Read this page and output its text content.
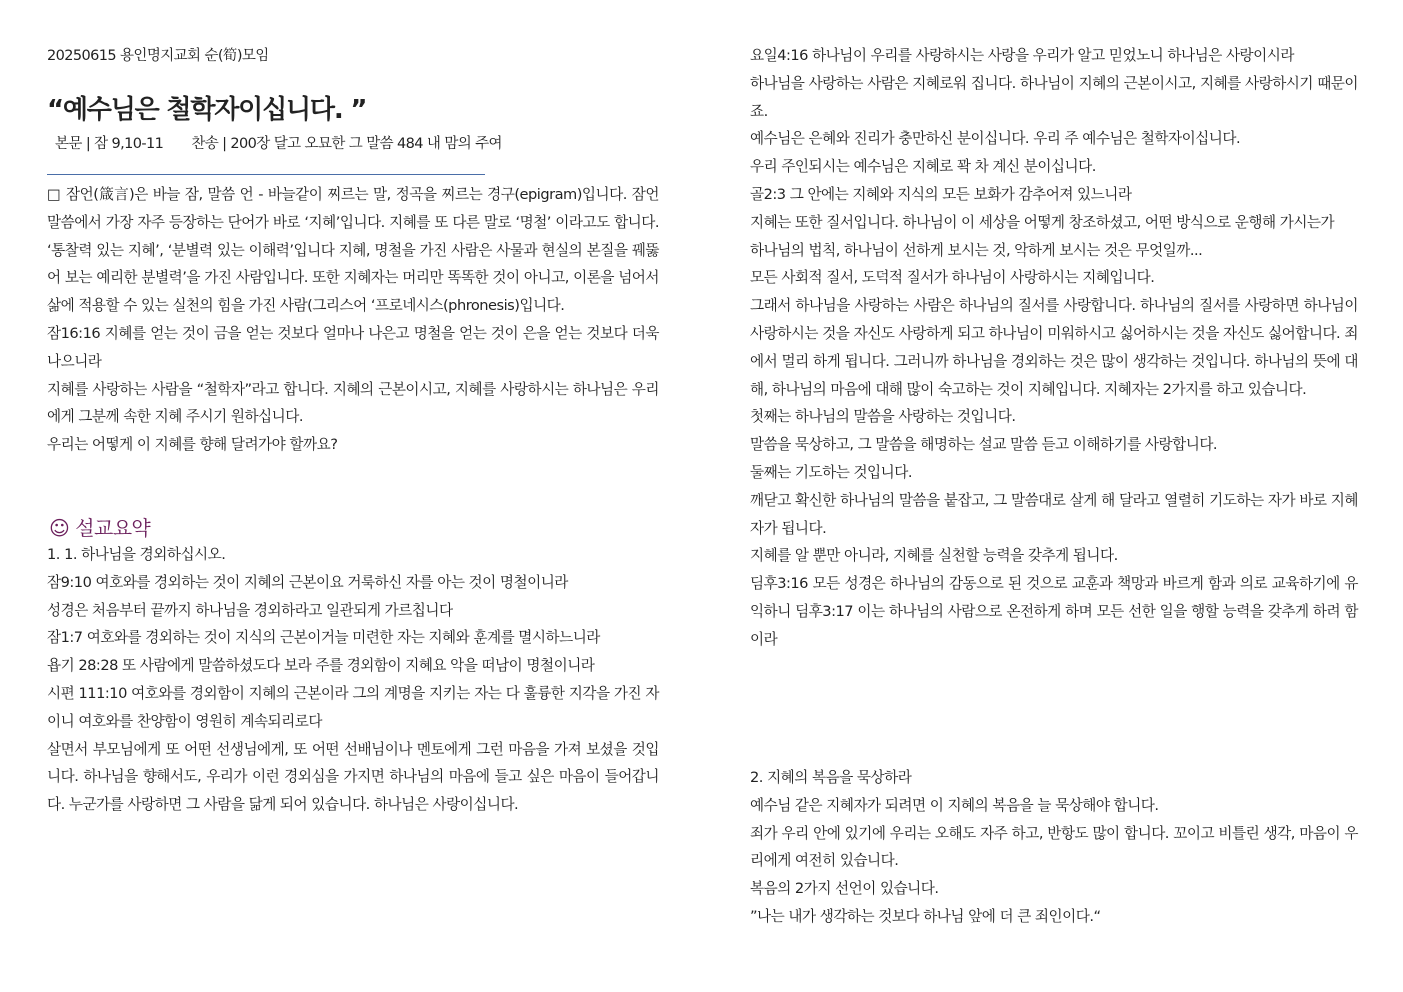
20250615 용인명지교회 순(筍)모임
“예수님은 철학자이십니다. ”
본문 | 잠 9,10-11 찬송 | 200장 달고 오묘한 그 말씀 484 내 맘의 주여

□ 잠언(箴言)은 바늘 잠, 말씀 언 - 바늘같이 찌르는 말, 정곡을 찌르는 경구(epigram)입니다. 잠언 말씀에서 가장 자주 등장하는 단어가 바로 ‘지혜’입니다. 지혜를 또 다른 말로 ‘명철’ 이라고도 합니다. ‘통찰력 있는 지혜’, ‘분별력 있는 이해력’입니다 지혜, 명철을 가진 사람은 사물과 현실의 본질을 꿰뚫어 보는 예리한 분별력’을 가진 사람입니다. 또한 지혜자는 머리만 똑똑한 것이 아니고, 이론을 넘어서 삶에 적용할 수 있는 실천의 힘을 가진 사람(그리스어 ‘프로네시스(phronesis)입니다.

잠16:16 지혜를 얻는 것이 금을 얻는 것보다 얼마나 나은고 명철을 얻는 것이 은을 얻는 것보다 더욱 나으니라

지혜를 사랑하는 사람을 “철학자”라고 합니다. 지혜의 근본이시고, 지혜를 사랑하시는 하나님은 우리에게 그분께 속한 지혜 주시기 원하십니다.

우리는 어떻게 이 지혜를 향해 달려가야 할까요?

☺ 설교요약

1. 1. 하나님을 경외하십시오.

잠9:10 여호와를 경외하는 것이 지혜의 근본이요 거룩하신 자를 아는 것이 명철이니라

성경은 처음부터 끝까지 하나님을 경외하라고 일관되게 가르칩니다

잠1:7 여호와를 경외하는 것이 지식의 근본이거늘 미련한 자는 지혜와 훈계를 멸시하느니라

욥기 28:28 또 사람에게 말씀하셨도다 보라 주를 경외함이 지혜요 악을 떠남이 명철이니라

시편 111:10 여호와를 경외함이 지혜의 근본이라 그의 계명을 지키는 자는 다 훌륭한 지각을 가진 자이니 여호와를 찬양함이 영원히 계속되리로다

살면서 부모님에게 또 어떤 선생님에게, 또 어떤 선배님이나 멘토에게 그런 마음을 가져 보셨을 것입니다. 하나님을 향해서도, 우리가 이런 경외심을 가지면 하나님의 마음에 들고 싶은 마음이 들어갑니다. 누군가를 사랑하면 그 사람을 닮게 되어 있습니다. 하나님은 사랑이십니다.

요일4:16 하나님이 우리를 사랑하시는 사랑을 우리가 알고 믿었노니 하나님은 사랑이시라

하나님을 사랑하는 사람은 지혜로워 집니다. 하나님이 지혜의 근본이시고, 지혜를 사랑하시기 때문이죠.

예수님은 은혜와 진리가 충만하신 분이십니다. 우리 주 예수님은 철학자이십니다.

우리 주인되시는 예수님은 지혜로 꽉 차 계신 분이십니다.

골2:3 그 안에는 지혜와 지식의 모든 보화가 감추어져 있느니라

지혜는 또한 질서입니다. 하나님이 이 세상을 어떻게 창조하셨고, 어떤 방식으로 운행해 가시는가

하나님의 법칙, 하나님이 선하게 보시는 것, 악하게 보시는 것은 무엇일까...

모든 사회적 질서, 도덕적 질서가 하나님이 사랑하시는 지혜입니다.

그래서 하나님을 사랑하는 사람은 하나님의 질서를 사랑합니다. 하나님의 질서를 사랑하면 하나님이 사랑하시는 것을 자신도 사랑하게 되고 하나님이 미워하시고 싫어하시는 것을 자신도 싫어합니다. 죄에서 멀리 하게 됩니다. 그러니까 하나님을 경외하는 것은 많이 생각하는 것입니다. 하나님의 뜻에 대해, 하나님의 마음에 대해 많이 숙고하는 것이 지혜입니다. 지혜자는 2가지를 하고 있습니다.

첫째는 하나님의 말씀을 사랑하는 것입니다.

말씀을 묵상하고, 그 말씀을 해명하는 설교 말씀 듣고 이해하기를 사랑합니다.

둘째는 기도하는 것입니다.

깨닫고 확신한 하나님의 말씀을 붙잡고, 그 말씀대로 살게 해 달라고 열렬히 기도하는 자가 바로 지혜자가 됩니다.

지혜를 알 뿐만 아니라, 지혜를 실천할 능력을 갖추게 됩니다.

딤후3:16 모든 성경은 하나님의 감동으로 된 것으로 교훈과 책망과 바르게 함과 의로 교육하기에 유익하니 딤후3:17 이는 하나님의 사람으로 온전하게 하며 모든 선한 일을 행할 능력을 갖추게 하려 함이라

2. 지혜의 복음을 묵상하라

예수님 같은 지혜자가 되려면 이 지혜의 복음을 늘 묵상해야 합니다.

죄가 우리 안에 있기에 우리는 오해도 자주 하고, 반항도 많이 합니다. 꼬이고 비틀린 생각, 마음이 우리에게 여전히 있습니다.

복음의 2가지 선언이 있습니다.

”나는 내가 생각하는 것보다 하나님 앞에 더 큰 죄인이다.“
